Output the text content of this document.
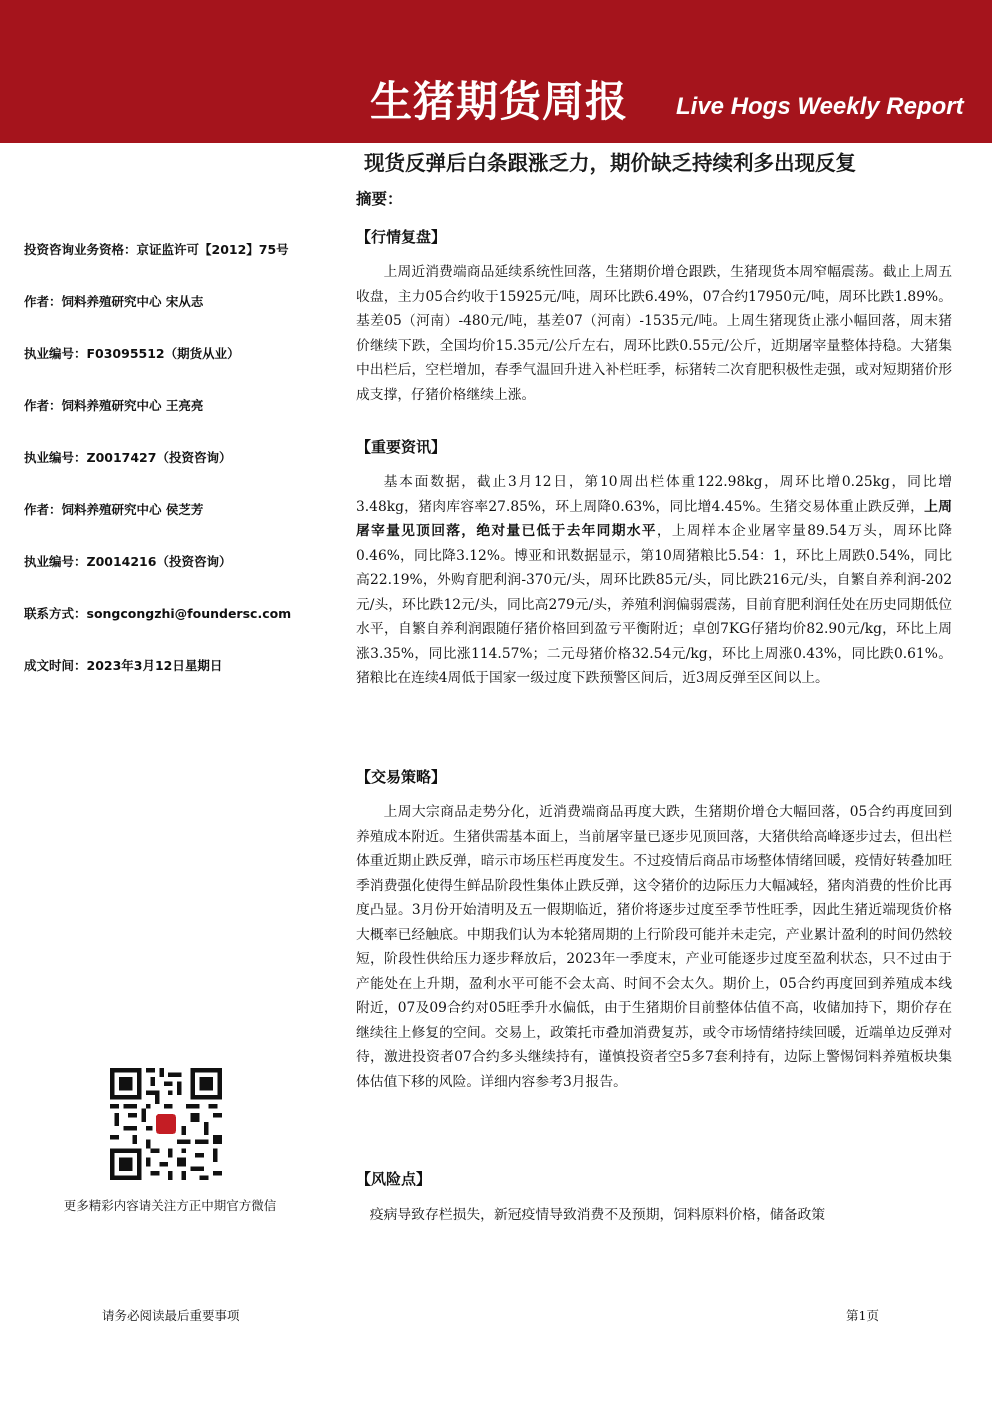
生猪期货周报 Live Hogs Weekly Report
现货反弹后白条跟涨乏力，期价缺乏持续利多出现反复
摘要：
投资咨询业务资格：京证监许可【2012】75号
作者：饲料养殖研究中心 宋从志
执业编号：F03095512（期货从业）
作者：饲料养殖研究中心 王亮亮
执业编号：Z0017427（投资咨询）
作者：饲料养殖研究中心 侯芝芳
执业编号：Z0014216（投资咨询）
联系方式：songcongzhi@foundersc.com
成文时间：2023年3月12日星期日
更多精彩内容请关注方正中期官方微信
【行情复盘】
上周近消费端商品延续系统性回落，生猪期价增仓跟跌，生猪现货本周窄幅震荡。截止上周五收盘，主力05合约收于15925元/吨，周环比跌6.49%，07合约17950元/吨，周环比跌1.89%。基差05（河南）-480元/吨，基差07（河南）-1535元/吨。上周生猪现货止涨小幅回落，周末猪价继续下跌，全国均价15.35元/公斤左右，周环比跌0.55元/公斤，近期屠宰量整体持稳。大猪集中出栏后，空栏增加，春季气温回升进入补栏旺季，标猪转二次育肥积极性走强，或对短期猪价形成支撑，仔猪价格继续上涨。
【重要资讯】
基本面数据，截止3月12日，第10周出栏体重122.98kg，周环比增0.25kg，同比增3.48kg，猪肉库容率27.85%，环上周降0.63%，同比增4.45%。生猪交易体重止跌反弹，上周屠宰量见顶回落，绝对量已低于去年同期水平，上周样本企业屠宰量89.54万头，周环比降0.46%，同比降3.12%。博亚和讯数据显示，第10周猪粮比5.54：1，环比上周跌0.54%，同比高22.19%，外购育肥利润-370元/头，周环比跌85元/头，同比跌216元/头，自繁自养利润-202元/头，环比跌12元/头，同比高279元/头，养殖利润偏弱震荡，目前育肥利润任处在历史同期低位水平，自繁自养利润跟随仔猪价格回到盈亏平衡附近；卓创7KG仔猪均价82.90元/kg，环比上周涨3.35%，同比涨114.57%；二元母猪价格32.54元/kg，环比上周涨0.43%，同比跌0.61%。猪粮比在连续4周低于国家一级过度下跌预警区间后，近3周反弹至区间以上。
【交易策略】
上周大宗商品走势分化，近消费端商品再度大跌，生猪期价增仓大幅回落，05合约再度回到养殖成本附近。生猪供需基本面上，当前屠宰量已逐步见顶回落，大猪供给高峰逐步过去，但出栏体重近期止跌反弹，暗示市场压栏再度发生。不过疫情后商品市场整体情绪回暖，疫情好转叠加旺季消费强化使得生鲜品阶段性集体止跌反弹，这令猪价的边际压力大幅减轻，猪肉消费的性价比再度凸显。3月份开始清明及五一假期临近，猪价将逐步过度至季节性旺季，因此生猪近端现货价格大概率已经触底。中期我们认为本轮猪周期的上行阶段可能并未走完，产业累计盈利的时间仍然较短，阶段性供给压力逐步释放后，2023年一季度末，产业可能逐步过度至盈利状态，只不过由于产能处在上升期，盈利水平可能不会太高、时间不会太久。期价上，05合约再度回到养殖成本线附近，07及09合约对05旺季升水偏低，由于生猪期价目前整体估值不高，收储加持下，期价存在继续往上修复的空间。交易上，政策托市叠加消费复苏，或令市场情绪持续回暖，近端单边反弹对待，激进投资者07合约多头继续持有，谨慎投资者空5多7套利持有，边际上警惕饲料养殖板块集体估值下移的风险。详细内容参考3月报告。
【风险点】
疫病导致存栏损失，新冠疫情导致消费不及预期，饲料原料价格，储备政策
请务必阅读最后重要事项	第1页
